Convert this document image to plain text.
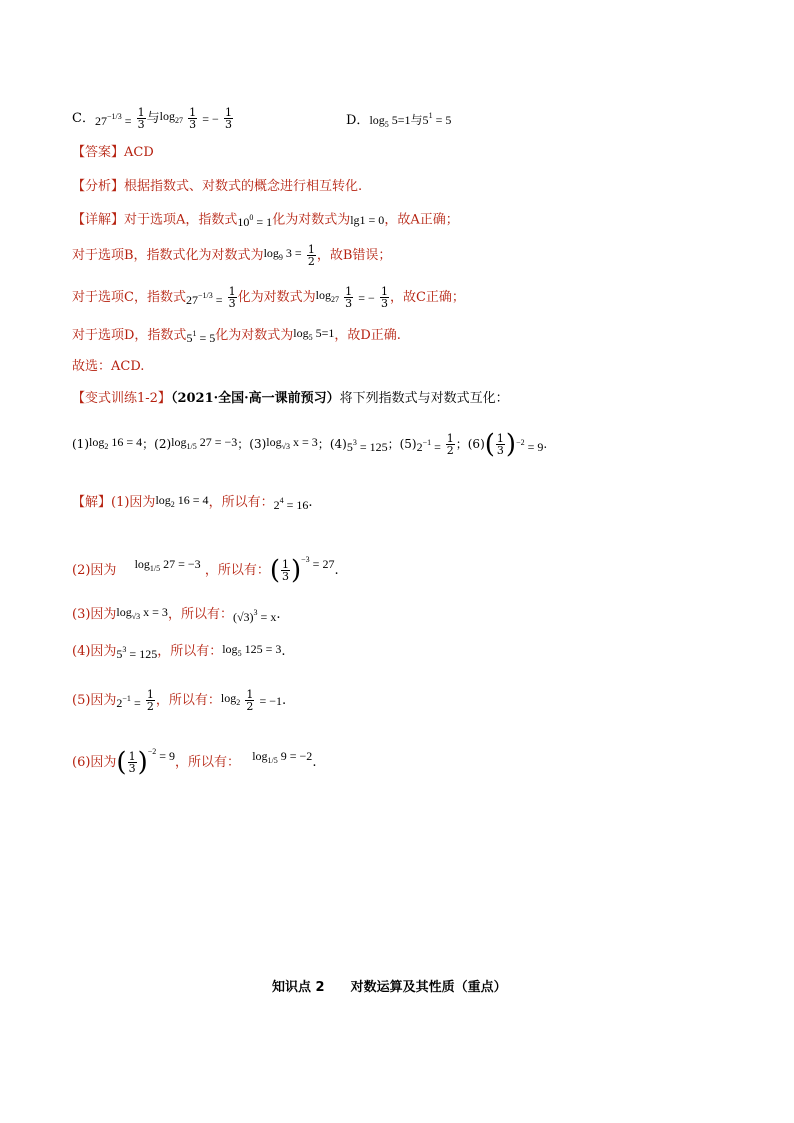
C．$27^{-1/3} = \frac{1}{3}$ 与$\log_{27} \frac{1}{3}$ = − $\frac{1}{3}$	D．$\log_5 5=1$与$5^1 = 5$
【答案】ACD
【分析】根据指数式、对数式的概念进行相互转化.
【详解】对于选项A，指数式$10^0 = 1$化为对数式为lg1 = 0，故A正确；
对于选项B，指数式化为对数式为$\log_9 3 = \frac{1}{2}$ ，故B错误；
对于选项C，指数式$27^{-1/3} = \frac{1}{3}$ 化为对数式为$\log_{27} \frac{1}{3}$ = − $\frac{1}{3}$ ，故C正确；
对于选项D，指数式$5^1 = 5$化为对数式为$\log_5 5=1$，故D正确.
故选：ACD.
【变式训练1-2】（2021·全国·高一课前预习）将下列指数式与对数式互化：
$(1)\log_2$ 16 = 4；$(2)\log_{1/5}$ 27 = −3；$(3)\log_{√3}$ x = 3；$(4)5^3 = 125$；$(5)2^{-1} = \frac{1}{2}$ ；$(6)( \frac{1}{3} )^{-2} = 9$.
【解】(1)因为$\log_2 16 = 4$，所以有：$2^4 = 16$.
(2)因为 $\log_{1/5} 27 = -3$ ，所以有：( $\frac{1}{3} )^{-3} = 27$.
(3)因为$\log_{√3} x = 3$，所以有：$(√3)^3 = x$.
(4)因为$5^3 = 125$，所以有：$\log_5 125 = 3$.
(5)因为$2^{-1} = \frac{1}{2}$ ，所以有：$\log_2 \frac{1}{2} = -1$.
(6)因为( $\frac{1}{3} )^{-2} = 9$，所以有： $\log_{1/5} 9 = -2$.
知识点 2 对数运算及其性质（重点）
